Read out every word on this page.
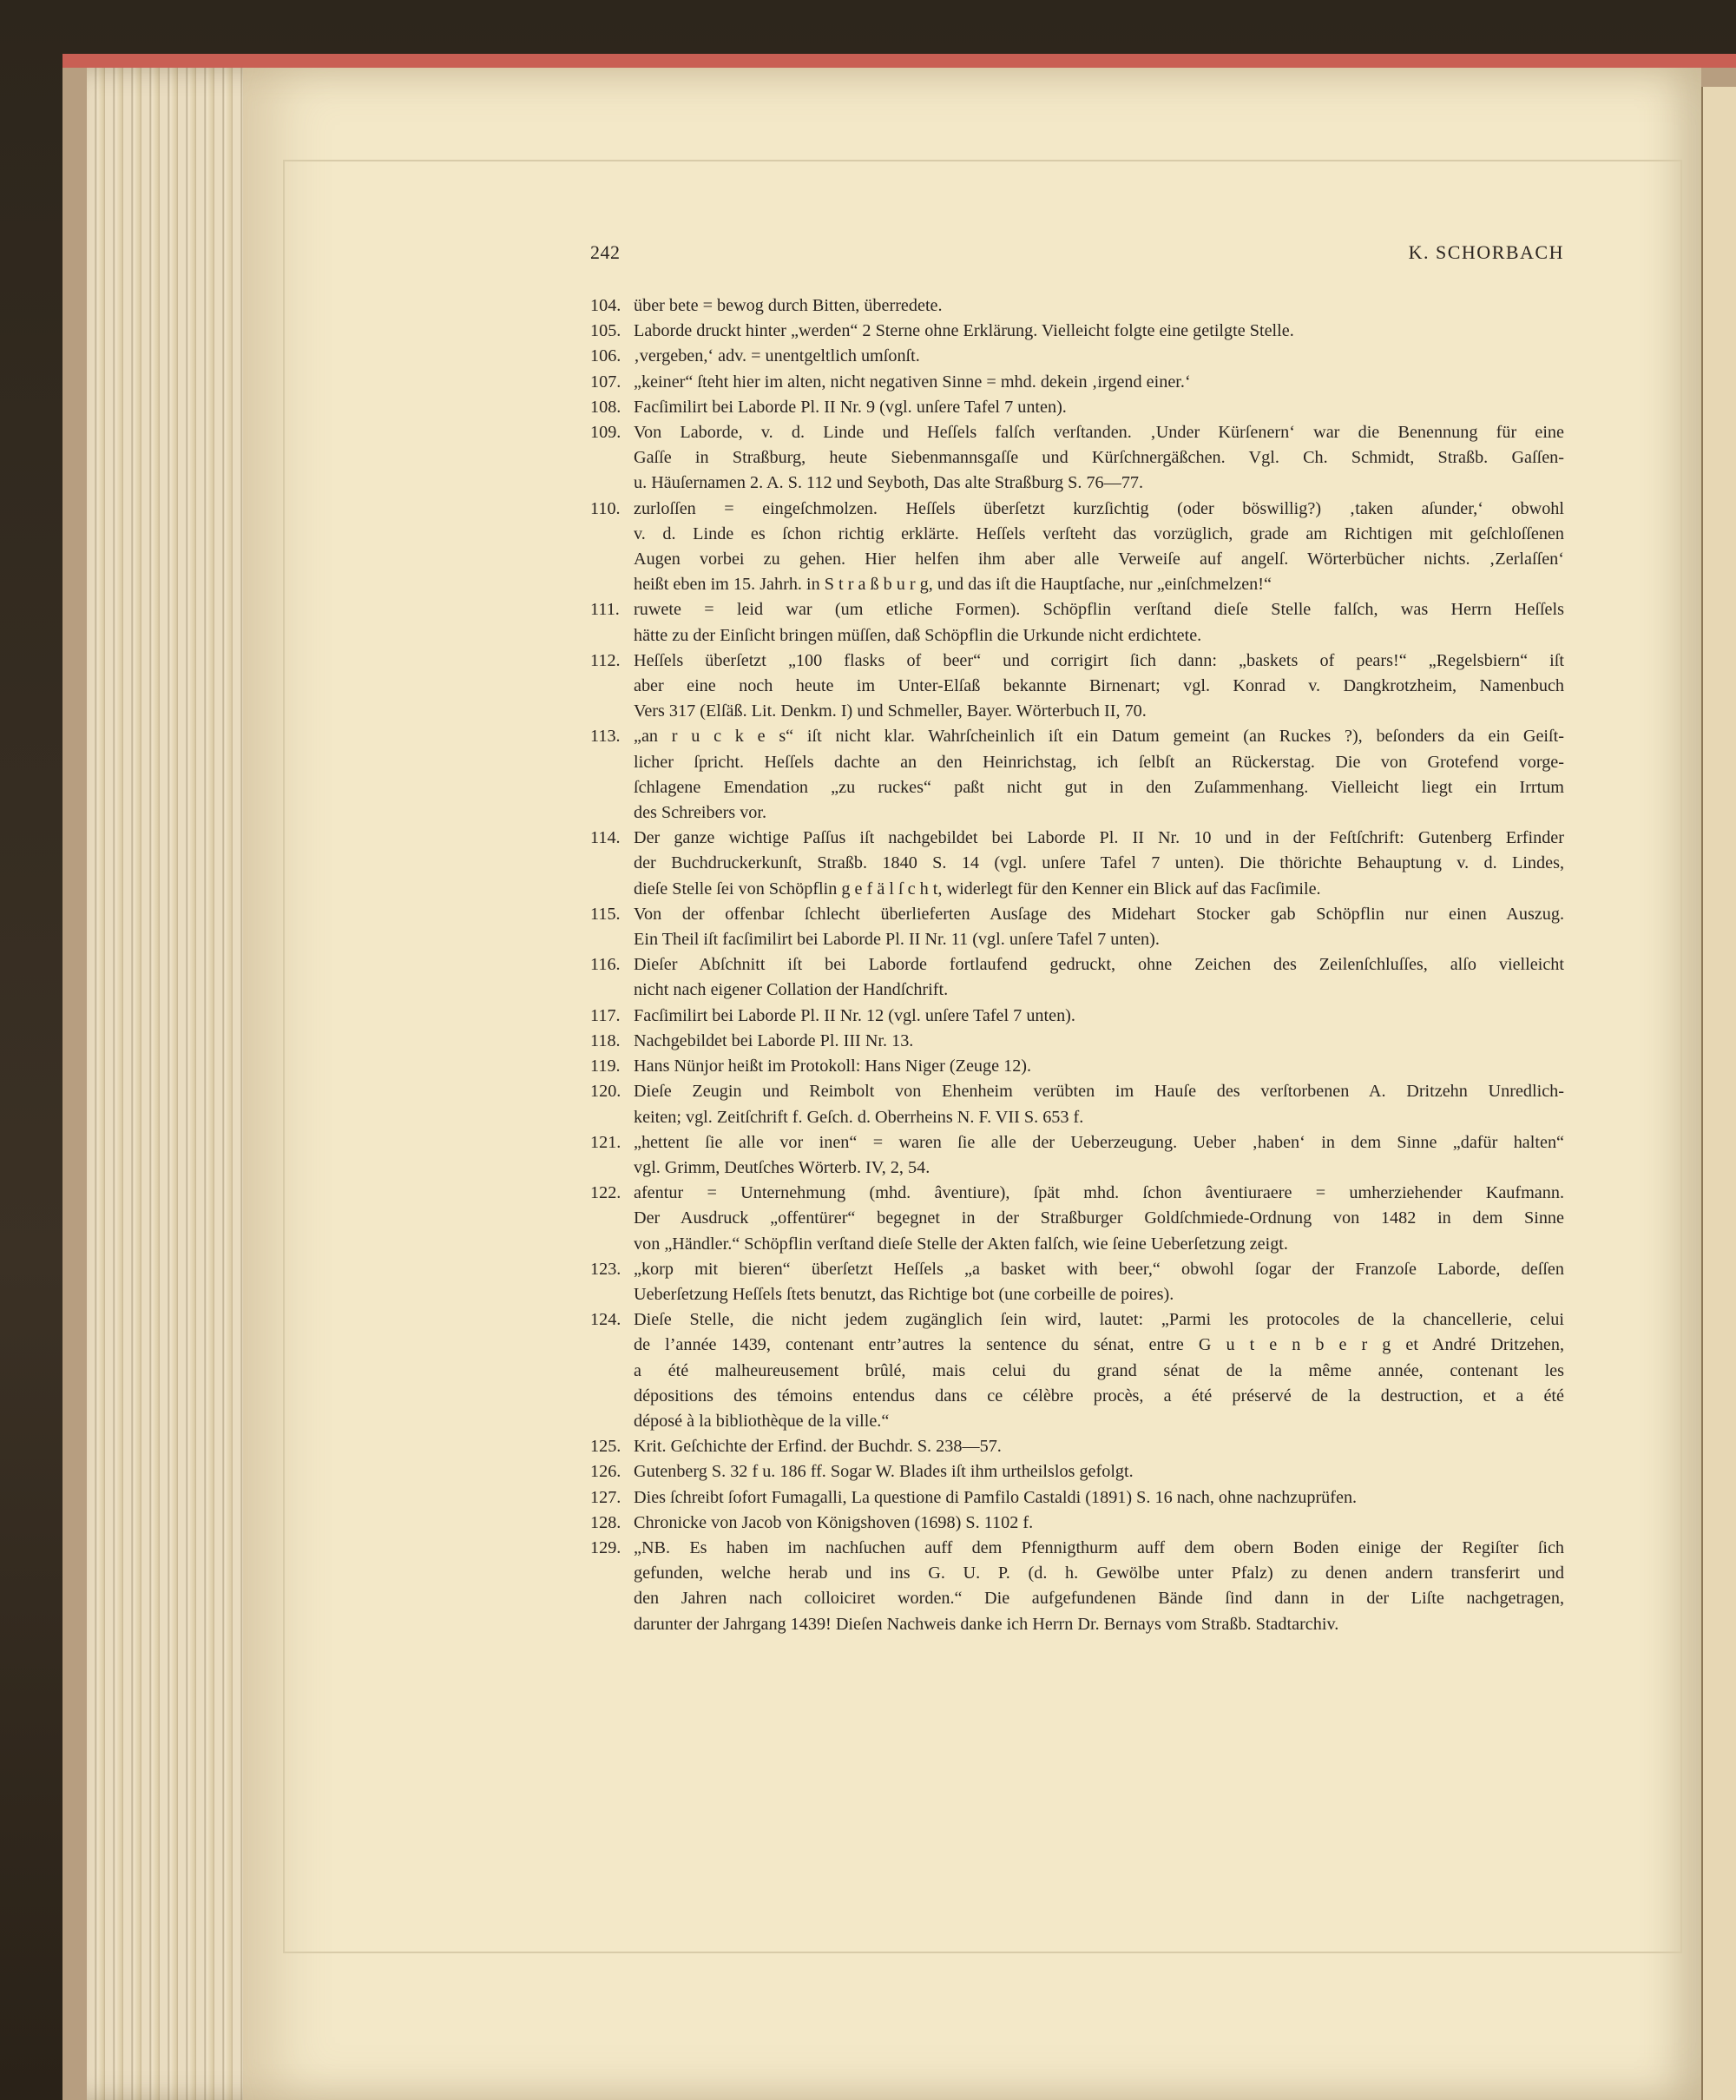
242	K. SCHORBACH
104. über bete = bewog durch Bitten, überredete.
105. Laborde druckt hinter „werden“ 2 Sterne ohne Erklärung. Vielleicht folgte eine getilgte Stelle.
106. ‚vergeben,‘ adv. = unentgeltlich umſonſt.
107. „keiner“ ſteht hier im alten, nicht negativen Sinne = mhd. dekein ‚irgend einer.‘
108. Facſimilirt bei Laborde Pl. II Nr. 9 (vgl. unſere Tafel 7 unten).
109. Von Laborde, v. d. Linde und Heſſels falſch verſtanden. ‚Under Kürſenern‘ war die Benennung für eine
Gaſſe in Straßburg, heute Siebenmannsgaſſe und Kürſchnergäßchen. Vgl. Ch. Schmidt, Straßb. Gaſſen-
u. Häuſernamen 2. A. S. 112 und Seyboth, Das alte Straßburg S. 76—77.
110. zurloſſen = eingeſchmolzen. Heſſels überſetzt kurzſichtig (oder böswillig?) ‚taken aſunder,‘ obwohl
v. d. Linde es ſchon richtig erklärte. Heſſels verſteht das vorzüglich, grade am Richtigen mit geſchloſſenen
Augen vorbei zu gehen. Hier helfen ihm aber alle Verweiſe auf angelſ. Wörterbücher nichts. ‚Zerlaſſen‘
heißt eben im 15. Jahrh. in S t r a ß b u r g, und das iſt die Hauptſache, nur „einſchmelzen!“
111. ruwete = leid war (um etliche Formen). Schöpflin verſtand dieſe Stelle falſch, was Herrn Heſſels
hätte zu der Einſicht bringen müſſen, daß Schöpflin die Urkunde nicht erdichtete.
112. Heſſels überſetzt „100 flasks of beer“ und corrigirt ſich dann: „baskets of pears!“ „Regelsbiern“ iſt
aber eine noch heute im Unter-Elſaß bekannte Birnenart; vgl. Konrad v. Dangkrotzheim, Namenbuch
Vers 317 (Elſäß. Lit. Denkm. I) und Schmeller, Bayer. Wörterbuch II, 70.
113. „an r u c k e s“ iſt nicht klar. Wahrſcheinlich iſt ein Datum gemeint (an Ruckes ?), beſonders da ein Geiſt-
licher ſpricht. Heſſels dachte an den Heinrichstag, ich ſelbſt an Rückerstag. Die von Grotefend vorge-
ſchlagene Emendation „zu ruckes“ paßt nicht gut in den Zuſammenhang. Vielleicht liegt ein Irrtum
des Schreibers vor.
114. Der ganze wichtige Paſſus iſt nachgebildet bei Laborde Pl. II Nr. 10 und in der Feſtſchrift: Gutenberg Erfinder
der Buchdruckerkunſt, Straßb. 1840 S. 14 (vgl. unſere Tafel 7 unten). Die thörichte Behauptung v. d. Lindes,
dieſe Stelle ſei von Schöpflin g e f ä l ſ c h t, widerlegt für den Kenner ein Blick auf das Facſimile.
115. Von der offenbar ſchlecht überlieferten Ausſage des Midehart Stocker gab Schöpflin nur einen Auszug.
Ein Theil iſt facſimilirt bei Laborde Pl. II Nr. 11 (vgl. unſere Tafel 7 unten).
116. Dieſer Abſchnitt iſt bei Laborde fortlaufend gedruckt, ohne Zeichen des Zeilenſchluſſes, alſo vielleicht
nicht nach eigener Collation der Handſchrift.
117. Facſimilirt bei Laborde Pl. II Nr. 12 (vgl. unſere Tafel 7 unten).
118. Nachgebildet bei Laborde Pl. III Nr. 13.
119. Hans Nünjor heißt im Protokoll: Hans Niger (Zeuge 12).
120. Dieſe Zeugin und Reimbolt von Ehenheim verübten im Hauſe des verſtorbenen A. Dritzehn Unredlich-
keiten; vgl. Zeitſchrift f. Geſch. d. Oberrheins N. F. VII S. 653 f.
121. „hettent ſie alle vor inen“ = waren ſie alle der Ueberzeugung. Ueber ‚haben‘ in dem Sinne „dafür halten“
vgl. Grimm, Deutſches Wörterb. IV, 2, 54.
122. afentur = Unternehmung (mhd. âventiure), ſpät mhd. ſchon âventiuraere = umherziehender Kaufmann.
Der Ausdruck „offentürer“ begegnet in der Straßburger Goldſchmiede-Ordnung von 1482 in dem Sinne
von „Händler.“ Schöpflin verſtand dieſe Stelle der Akten falſch, wie ſeine Ueberſetzung zeigt.
123. „korp mit bieren“ überſetzt Heſſels „a basket with beer,“ obwohl ſogar der Franzoſe Laborde, deſſen
Ueberſetzung Heſſels ſtets benutzt, das Richtige bot (une corbeille de poires).
124. Dieſe Stelle, die nicht jedem zugänglich ſein wird, lautet: „Parmi les protocoles de la chancellerie, celui
de l’année 1439, contenant entr’autres la sentence du sénat, entre G u t e n b e r g et André Dritzehen,
a été malheureusement brûlé, mais celui du grand sénat de la même année, contenant les
dépositions des témoins entendus dans ce célèbre procès, a été préservé de la destruction, et a été
déposé à la bibliothèque de la ville.“
125. Krit. Geſchichte der Erfind. der Buchdr. S. 238—57.
126. Gutenberg S. 32 f u. 186 ff. Sogar W. Blades iſt ihm urtheilslos gefolgt.
127. Dies ſchreibt ſofort Fumagalli, La questione di Pamfilo Castaldi (1891) S. 16 nach, ohne nachzuprüfen.
128. Chronicke von Jacob von Königshoven (1698) S. 1102 f.
129. „NB. Es haben im nachſuchen auff dem Pfennigthurm auff dem obern Boden einige der Regiſter ſich
gefunden, welche herab und ins G. U. P. (d. h. Gewölbe unter Pfalz) zu denen andern transferirt und
den Jahren nach colloiciret worden.“ Die aufgefundenen Bände ſind dann in der Liſte nachgetragen,
darunter der Jahrgang 1439! Dieſen Nachweis danke ich Herrn Dr. Bernays vom Straßb. Stadtarchiv.
